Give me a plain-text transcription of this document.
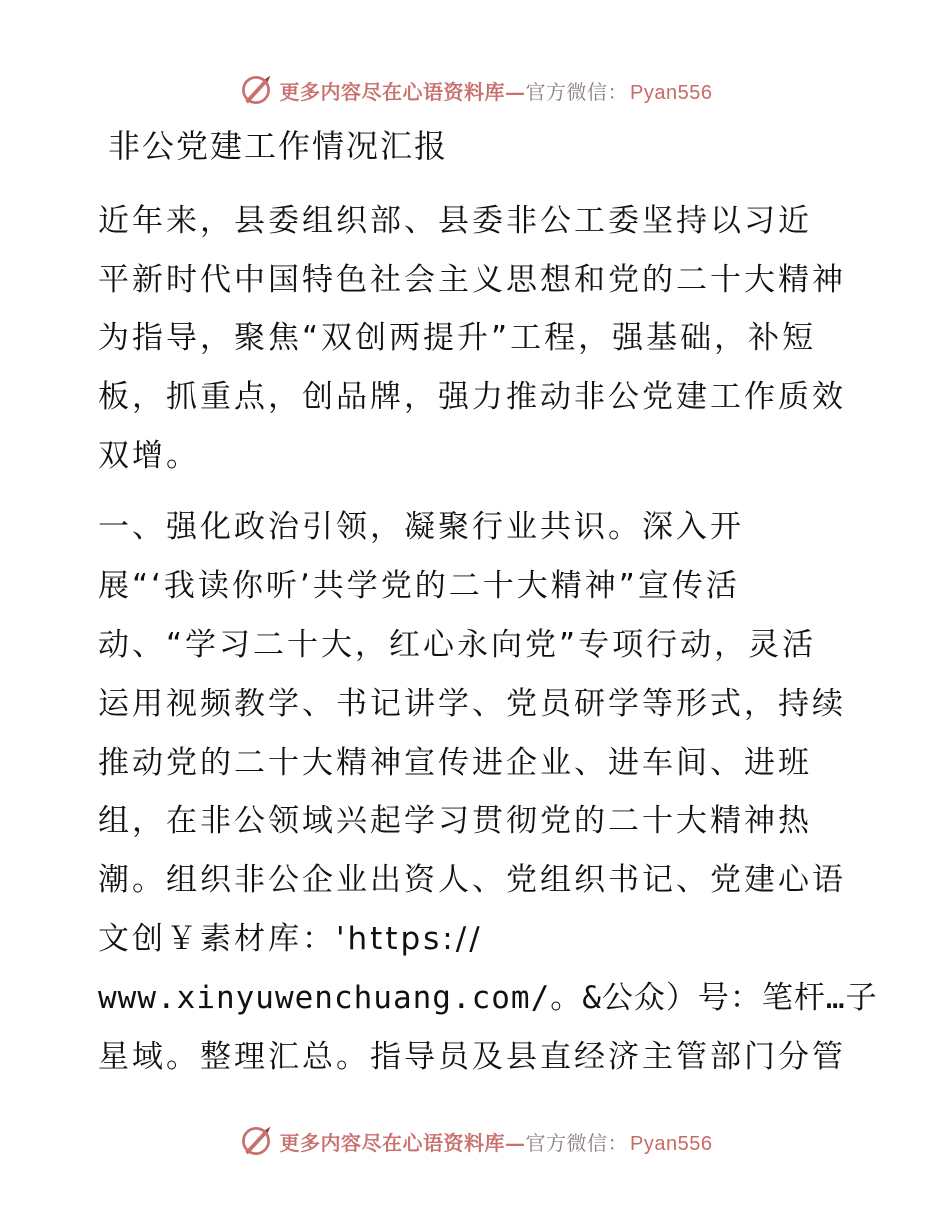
更多内容尽在心语资料库—官方微信： Pyan556
非公党建工作情况汇报

近年来，县委组织部、县委非公工委坚持以习近

平新时代中国特色社会主义思想和党的二十大精神

为指导，聚焦“双创两提升”工程，强基础，补短

板，抓重点，创品牌，强力推动非公党建工作质效

双增。

一、强化政治引领，凝聚行业共识。深入开

展“‘我读你听’共学党的二十大精神”宣传活

动、“学习二十大，红心永向党”专项行动，灵活

运用视频教学、书记讲学、党员研学等形式，持续

推动党的二十大精神宣传进企业、进车间、进班

组，在非公领域兴起学习贯彻党的二十大精神热

潮。组织非公企业出资人、党组织书记、党建心语

文创￥素材库：'https://

www.xinyuwenchuang.com/。&公众）号：笔杆…子

星域。整理汇总。指导员及县直经济主管部门分管

更多内容尽在心语资料库—官方微信： Pyan556
